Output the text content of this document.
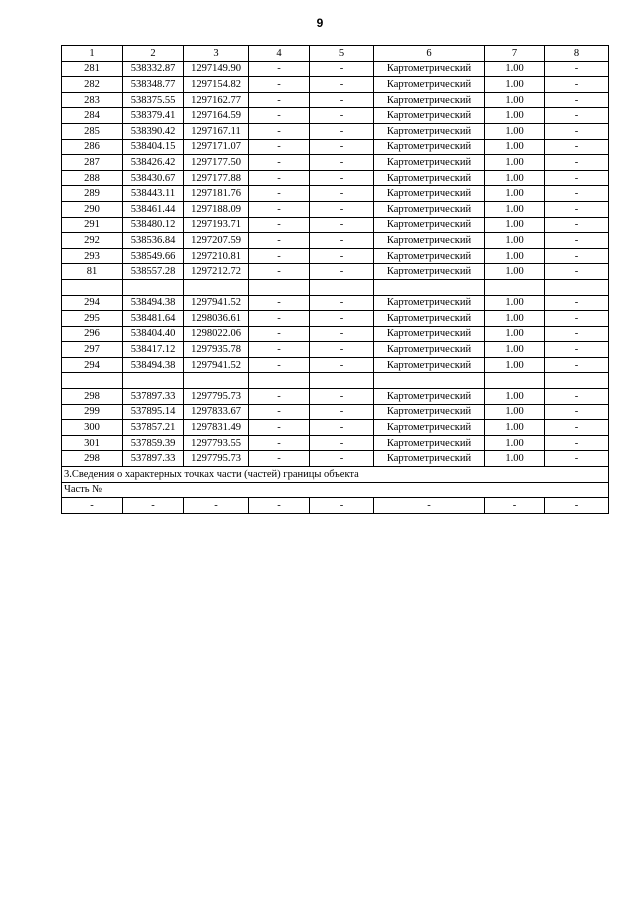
9
1	2	3	4	5	6	7	8
281	538332.87	1297149.90	-	-	Картометрический	1.00	-
282	538348.77	1297154.82	-	-	Картометрический	1.00	-
283	538375.55	1297162.77	-	-	Картометрический	1.00	-
284	538379.41	1297164.59	-	-	Картометрический	1.00	-
285	538390.42	1297167.11	-	-	Картометрический	1.00	-
286	538404.15	1297171.07	-	-	Картометрический	1.00	-
287	538426.42	1297177.50	-	-	Картометрический	1.00	-
288	538430.67	1297177.88	-	-	Картометрический	1.00	-
289	538443.11	1297181.76	-	-	Картометрический	1.00	-
290	538461.44	1297188.09	-	-	Картометрический	1.00	-
291	538480.12	1297193.71	-	-	Картометрический	1.00	-
292	538536.84	1297207.59	-	-	Картометрический	1.00	-
293	538549.66	1297210.81	-	-	Картометрический	1.00	-
81	538557.28	1297212.72	-	-	Картометрический	1.00	-

294	538494.38	1297941.52	-	-	Картометрический	1.00	-
295	538481.64	1298036.61	-	-	Картометрический	1.00	-
296	538404.40	1298022.06	-	-	Картометрический	1.00	-
297	538417.12	1297935.78	-	-	Картометрический	1.00	-
294	538494.38	1297941.52	-	-	Картометрический	1.00	-

298	537897.33	1297795.73	-	-	Картометрический	1.00	-
299	537895.14	1297833.67	-	-	Картометрический	1.00	-
300	537857.21	1297831.49	-	-	Картометрический	1.00	-
301	537859.39	1297793.55	-	-	Картометрический	1.00	-
298	537897.33	1297795.73	-	-	Картометрический	1.00	-
3.Сведения о характерных точках части (частей) границы объекта							
Часть №							
-	-	-	-	-	-	-	-
